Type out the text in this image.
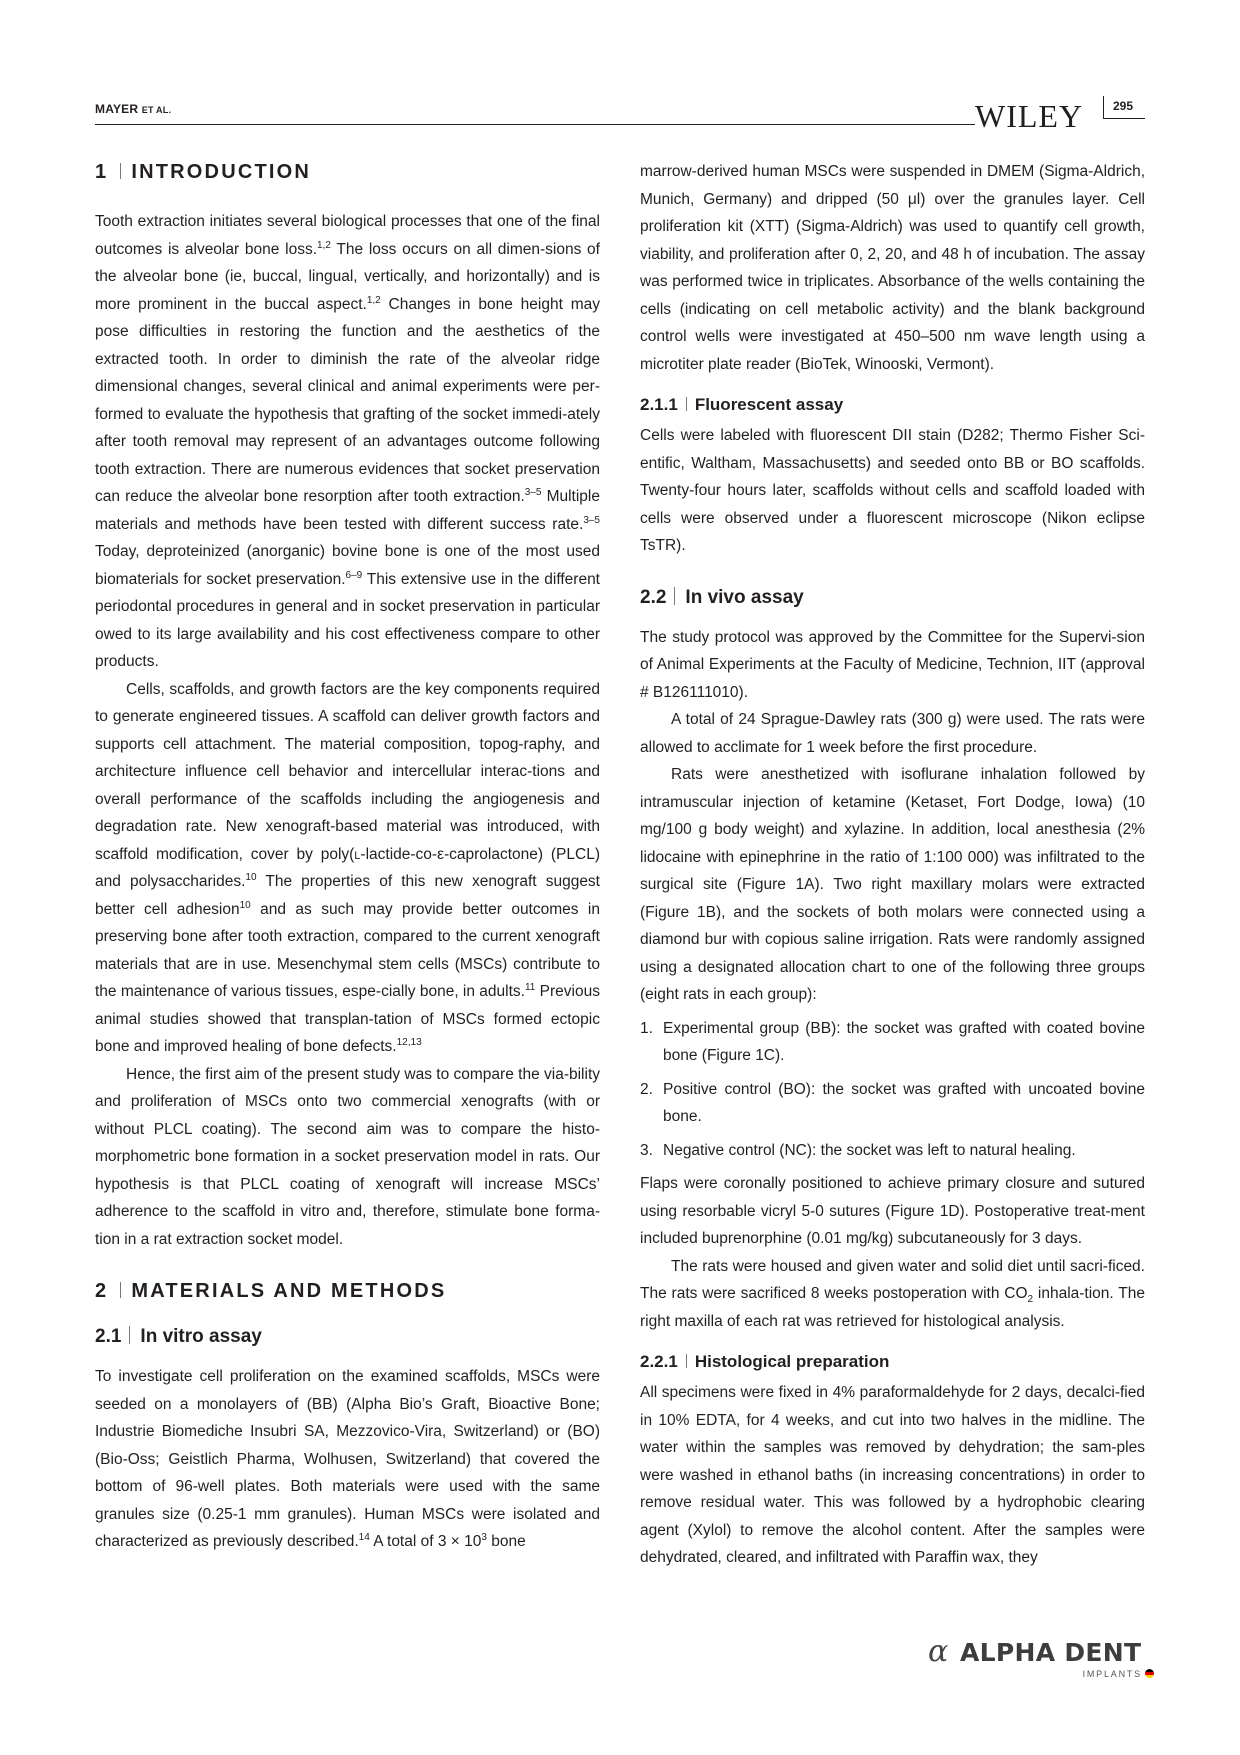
MAYER ET AL.	WILEY 295
1 INTRODUCTION

Tooth extraction initiates several biological processes that one of the final outcomes is alveolar bone loss.$^{1,2}$ The loss occurs on all dimen-sions of the alveolar bone (ie, buccal, lingual, vertically, and horizontally) and is more prominent in the buccal aspect.$^{1,2}$ Changes in bone height may pose difficulties in restoring the function and the aesthetics of the extracted tooth. In order to diminish the rate of the alveolar ridge dimensional changes, several clinical and animal experiments were per-formed to evaluate the hypothesis that grafting of the socket immedi-ately after tooth removal may represent of an advantages outcome following tooth extraction. There are numerous evidences that socket preservation can reduce the alveolar bone resorption after tooth extraction.$^{3-5}$ Multiple materials and methods have been tested with different success rate.$^{3-5}$ Today, deproteinized (anorganic) bovine bone is one of the most used biomaterials for socket preservation.$^{6-9}$ This extensive use in the different periodontal procedures in general and in socket preservation in particular owed to its large availability and his cost effectiveness compare to other products.

Cells, scaffolds, and growth factors are the key components required to generate engineered tissues. A scaffold can deliver growth factors and supports cell attachment. The material composition, topog-raphy, and architecture influence cell behavior and intercellular interac-tions and overall performance of the scaffolds including the angiogenesis and degradation rate. New xenograft-based material was introduced, with scaffold modification, cover by poly(l-lactide-co-ε-caprolactone) (PLCL) and polysaccharides.$^{10}$ The properties of this new xenograft suggest better cell adhesion$^{10}$ and as such may provide better outcomes in preserving bone after tooth extraction, compared to the current xenograft materials that are in use. Mesenchymal stem cells (MSCs) contribute to the maintenance of various tissues, espe-cially bone, in adults.$^{11}$ Previous animal studies showed that transplan-tation of MSCs formed ectopic bone and improved healing of bone defects.$^{12,13}$

Hence, the first aim of the present study was to compare the via-bility and proliferation of MSCs onto two commercial xenografts (with or without PLCL coating). The second aim was to compare the histo-morphometric bone formation in a socket preservation model in rats. Our hypothesis is that PLCL coating of xenograft will increase MSCs’ adherence to the scaffold in vitro and, therefore, stimulate bone forma-tion in a rat extraction socket model.

2 MATERIALS AND METHODS
2.1 In vitro assay

To investigate cell proliferation on the examined scaffolds, MSCs were seeded on a monolayers of (BB) (Alpha Bio’s Graft, Bioactive Bone; Industrie Biomediche Insubri SA, Mezzovico-Vira, Switzerland) or (BO) (Bio-Oss; Geistlich Pharma, Wolhusen, Switzerland) that covered the bottom of 96-well plates. Both materials were used with the same granules size (0.25-1 mm granules). Human MSCs were isolated and characterized as previously described.$^{14}$ A total of $3 \times 10^3$ bone

marrow-derived human MSCs were suspended in DMEM (Sigma-Aldrich, Munich, Germany) and dripped (50 μl) over the granules layer. Cell proliferation kit (XTT) (Sigma-Aldrich) was used to quantify cell growth, viability, and proliferation after 0, 2, 20, and 48 h of incubation. The assay was performed twice in triplicates. Absorbance of the wells containing the cells (indicating on cell metabolic activity) and the blank background control wells were investigated at 450–500 nm wave length using a microtiter plate reader (BioTek, Winooski, Vermont).

2.1.1 Fluorescent assay

Cells were labeled with fluorescent DII stain (D282; Thermo Fisher Sci-entific, Waltham, Massachusetts) and seeded onto BB or BO scaffolds. Twenty-four hours later, scaffolds without cells and scaffold loaded with cells were observed under a fluorescent microscope (Nikon eclipse TsTR).

2.2 In vivo assay

The study protocol was approved by the Committee for the Supervi-sion of Animal Experiments at the Faculty of Medicine, Technion, IIT (approval # B126111010).

A total of 24 Sprague-Dawley rats (300 g) were used. The rats were allowed to acclimate for 1 week before the first procedure.

Rats were anesthetized with isoflurane inhalation followed by intramuscular injection of ketamine (Ketaset, Fort Dodge, Iowa) (10 mg/100 g body weight) and xylazine. In addition, local anesthesia (2% lidocaine with epinephrine in the ratio of 1:100 000) was infiltrated to the surgical site (Figure 1A). Two right maxillary molars were extracted (Figure 1B), and the sockets of both molars were connected using a diamond bur with copious saline irrigation. Rats were randomly assigned using a designated allocation chart to one of the following three groups (eight rats in each group):

1. Experimental group (BB): the socket was grafted with coated bovine bone (Figure 1C).
2. Positive control (BO): the socket was grafted with uncoated bovine bone.
3. Negative control (NC): the socket was left to natural healing.

Flaps were coronally positioned to achieve primary closure and sutured using resorbable vicryl 5-0 sutures (Figure 1D). Postoperative treat-ment included buprenorphine (0.01 mg/kg) subcutaneously for 3 days.

The rats were housed and given water and solid diet until sacri-ficed. The rats were sacrificed 8 weeks postoperation with $CO_2$ inhala-tion. The right maxilla of each rat was retrieved for histological analysis.

2.2.1 Histological preparation

All specimens were fixed in 4% paraformaldehyde for 2 days, decalci-fied in 10% EDTA, for 4 weeks, and cut into two halves in the midline. The water within the samples was removed by dehydration; the sam-ples were washed in ethanol baths (in increasing concentrations) in order to remove residual water. This was followed by a hydrophobic clearing agent (Xylol) to remove the alcohol content. After the samples were dehydrated, cleared, and infiltrated with Paraffin wax, they

α ALPHA DENT
IMPLANTS
